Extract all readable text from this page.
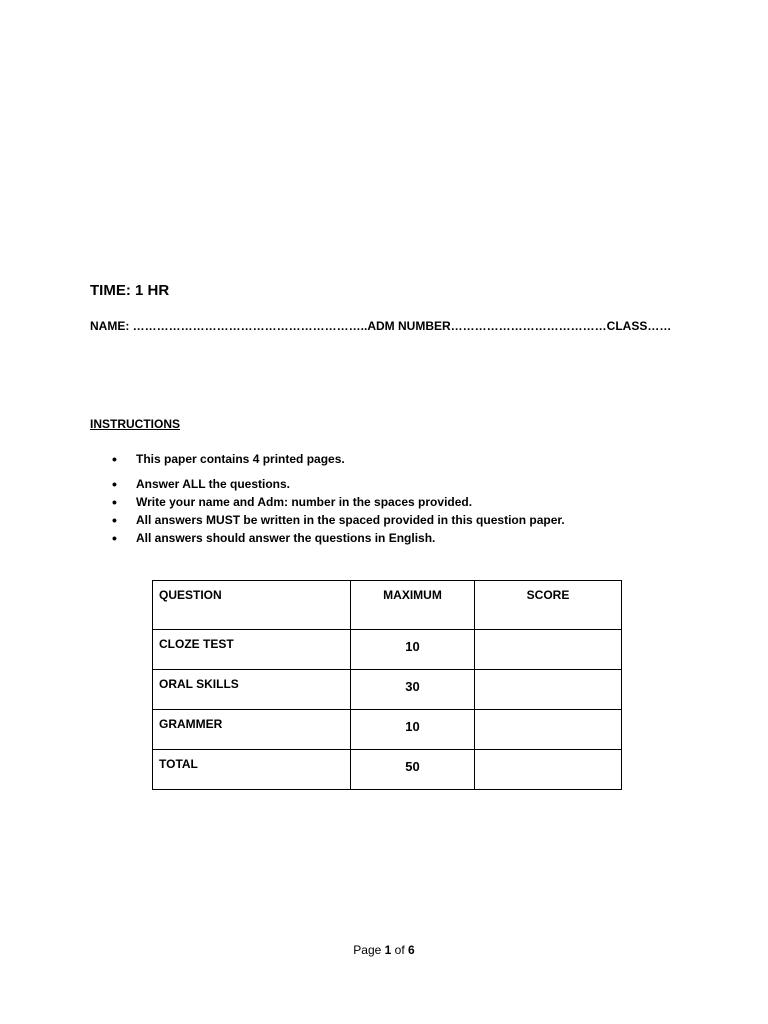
TIME: 1 HR
NAME: …………………………………………………..ADM NUMBER…………………………………CLASS……
INSTRUCTIONS
• This paper contains 4 printed pages.
• Answer ALL the questions.
• Write your name and Adm: number in the spaces provided.
• All answers MUST be written in the spaced provided in this question paper.
• All answers should answer the questions in English.
QUESTION	MAXIMUM	SCORE
CLOZE TEST	10	
ORAL SKILLS	30	
GRAMMER	10	
TOTAL	50	
Page 1 of 6
